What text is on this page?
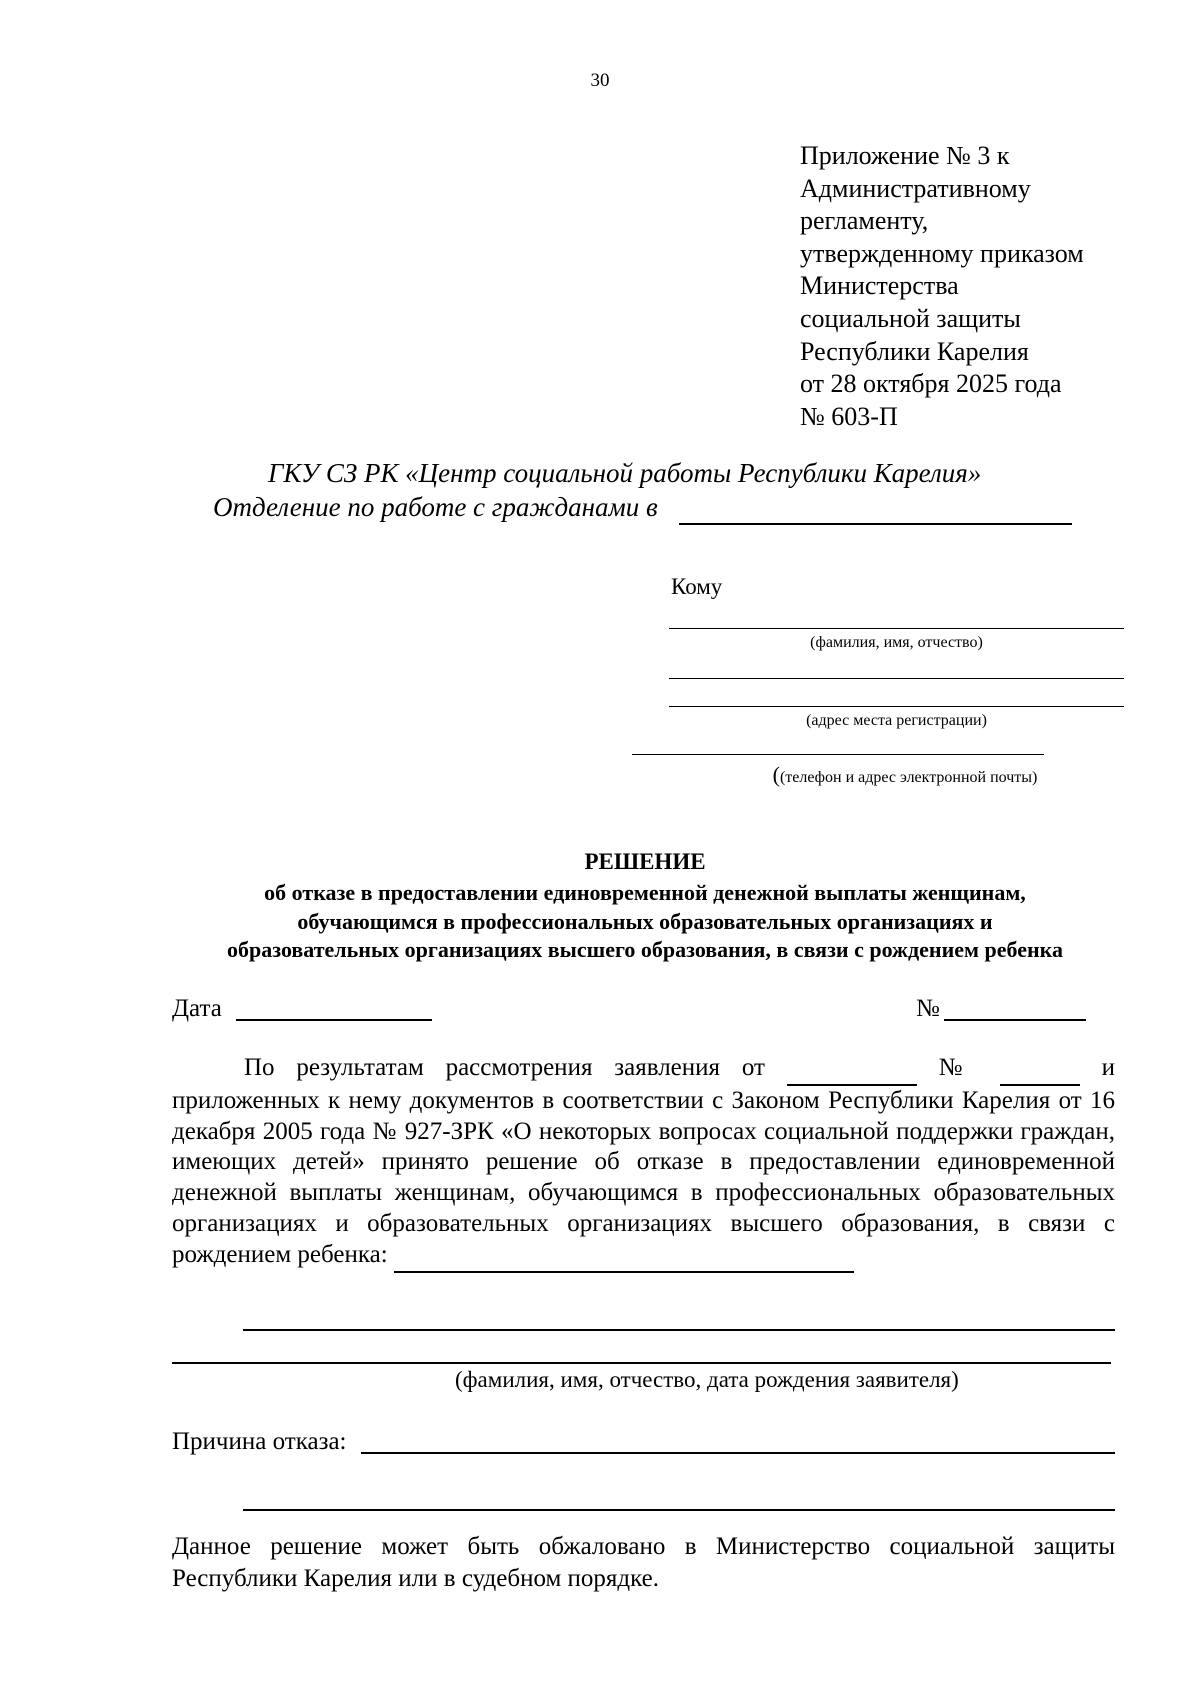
30
Приложение № 3 к
Административному
регламенту,
утвержденному приказом
Министерства
социальной защиты
Республики Карелия
от 28 октября 2025 года
№ 603-П
ГКУ СЗ РК «Центр социальной работы Республики Карелия»
Отделение по работе с гражданами в
Кому
(фамилия, имя, отчество)
(адрес места регистрации)
((телефон и адрес электронной почты)
РЕШЕНИЕ
об отказе в предоставлении единовременной денежной выплаты женщинам,
обучающимся в профессиональных образовательных организациях и
образовательных организациях высшего образования, в связи с рождением ребенка
Дата	№
По результатам рассмотрения заявления от	№	и приложенных к нему документов в соответствии с Законом Республики Карелия от 16 декабря 2005 года № 927-ЗРК «О некоторых вопросах социальной поддержки граждан, имеющих детей» принято решение об отказе в предоставлении единовременной денежной выплаты женщинам, обучающимся в профессиональных образовательных организациях и образовательных организациях высшего образования, в связи с рождением ребенка:
(фамилия, имя, отчество, дата рождения заявителя)
Причина отказа:
Данное решение может быть обжаловано в Министерство социальной защиты
Республики Карелия или в судебном порядке.
